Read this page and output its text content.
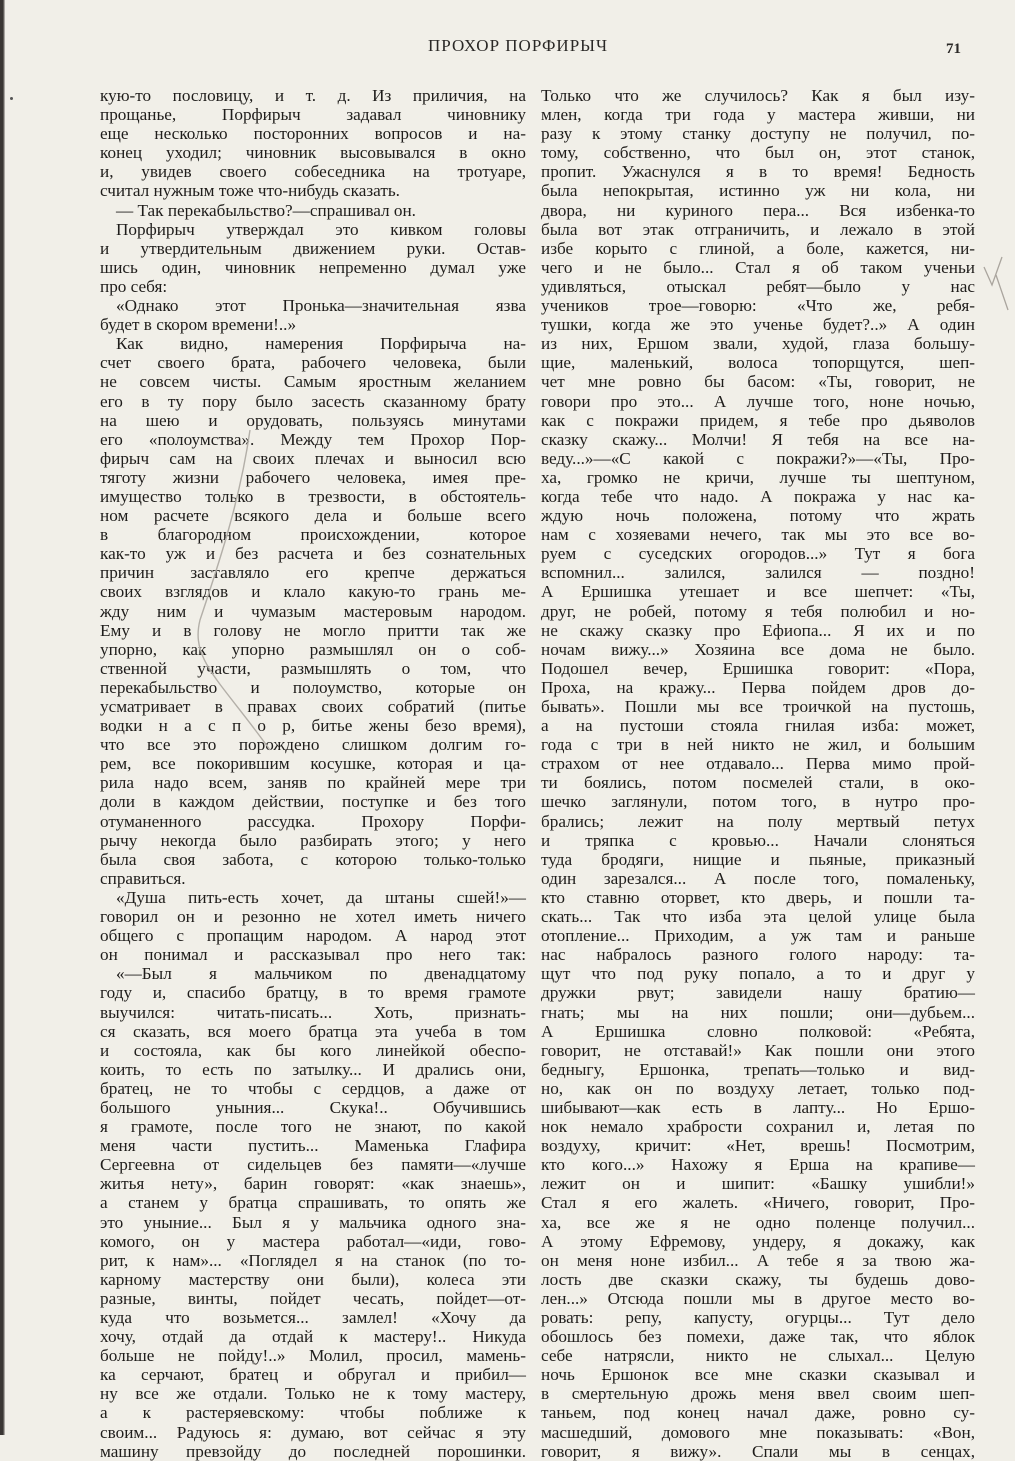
ПРОХОР ПОРФИРЫЧ	71
кую-то пословицу, и т. д. Из приличия, на
прощанье, Порфирыч задавал чиновнику
еще несколько посторонних вопросов и на-
конец уходил; чиновник высовывался в окно
и, увидев своего собеседника на тротуаре,
считал нужным тоже что-нибудь сказать.
— Так перекабыльство?—спрашивал он.
Порфирыч утверждал это кивком головы
и утвердительным движением руки. Остав-
шись один, чиновник непременно думал уже
про себя:
«Однако этот Пронька—значительная язва
будет в скором времени!..»
Как видно, намерения Порфирыча на-
счет своего брата, рабочего человека, были
не совсем чисты. Самым яростным желанием
его в ту пору было засесть сказанному брату
на шею и орудовать, пользуясь минутами
его «полоумства». Между тем Прохор Пор-
фирыч сам на своих плечах и выносил всю
тяготу жизни рабочего человека, имея пре-
имущество только в трезвости, в обстоятель-
ном расчете всякого дела и больше всего
в благородном происхождении, которое
как-то уж и без расчета и без сознательных
причин заставляло его крепче держаться
своих взглядов и клало какую-то грань ме-
жду ним и чумазым мастеровым народом.
Ему и в голову не могло притти так же
упорно, как упорно размышлял он о соб-
ственной участи, размышлять о том, что
перекабыльство и полоумство, которые он
усматривает в правах своих собратий (питье
водки н а с п о р, битье жены безо время),
что все это порождено слишком долгим го-
рем, все покорившим косушке, которая и ца-
рила надо всем, заняв по крайней мере три
доли в каждом действии, поступке и без того
отуманенного рассудка. Прохору Порфи-
рычу некогда было разбирать этого; у него
была своя забота, с которою только-только
справиться.
«Душа пить-есть хочет, да штаны сшей!»—
говорил он и резонно не хотел иметь ничего
общего с пропащим народом. А народ этот
он понимал и рассказывал про него так:
«—Был я мальчиком по двенадцатому
году и, спасибо братцу, в то время грамоте
выучился: читать-писать... Хоть, признать-
ся сказать, вся моего братца эта учеба в том
и состояла, как бы кого линейкой обеспо-
коить, то есть по затылку... И дрались они,
братец, не то чтобы с сердцов, а даже от
большого уныния... Скука!.. Обучившись
я грамоте, после того не знают, по какой
меня части пустить... Маменька Глафира
Сергеевна от сидельцев без памяти—«лучше
житья нету», барин говорят: «как знаешь»,
а станем у братца спрашивать, то опять же
это уныние... Был я у мальчика одного зна-
комого, он у мастера работал—«иди, гово-
рит, к нам»... «Поглядел я на станок (по то-
карному мастерству они были), колеса эти
разные, винты, пойдет чесать, пойдет—от-
куда что возьмется... замлел! «Хочу да
хочу, отдай да отдай к мастеру!.. Никуда
больше не пойду!..» Молил, просил, мамень-
ка серчают, братец и обругал и прибил—
ну все же отдали. Только не к тому мастеру,
а к растеряевскому: чтобы поближе к
своим... Радуюсь я: думаю, вот сейчас я эту
машину превзойду до последней порошинки.
Только что же случилось? Как я был изу-
млен, когда три года у мастера живши, ни
разу к этому станку доступу не получил, по-
тому, собственно, что был он, этот станок,
пропит. Ужаснулся я в то время! Бедность
была непокрытая, истинно уж ни кола, ни
двора, ни куриного пера... Вся избенка-то
была вот этак отграничить, и лежало в этой
избе корыто с глиной, а боле, кажется, ни-
чего и не было... Стал я об таком ученьи
удивляться, отыскал ребят—было у нас
учеников трое—говорю: «Что же, ребя-
тушки, когда же это ученье будет?..» А один
из них, Ершом звали, худой, глаза большу-
щие, маленький, волоса топорщутся, шеп-
чет мне ровно бы басом: «Ты, говорит, не
говори про это... А лучше того, ноне ночью,
как с покражи придем, я тебе про дьяволов
сказку скажу... Молчи! Я тебя на все на-
веду...»—«С какой с покражи?»—«Ты, Про-
ха, громко не кричи, лучше ты шептуном,
когда тебе что надо. А покража у нас ка-
ждую ночь положена, потому что жрать
нам с хозяевами нечего, так мы это все во-
руем с суседских огородов...» Тут я бога
вспомнил... залился, залился — поздно!
А Ершишка утешает и все шепчет: «Ты,
друг, не робей, потому я тебя полюбил и но-
не скажу сказку про Ефиопа... Я их и по
ночам вижу...» Хозяина все дома не было.
Подошел вечер, Ершишка говорит: «Пора,
Проха, на кражу... Перва пойдем дров до-
бывать». Пошли мы все троичкой на пустошь,
а на пустоши стояла гнилая изба: может,
года с три в ней никто не жил, и большим
страхом от нее отдавало... Перва мимо прой-
ти боялись, потом посмелей стали, в око-
шечко заглянули, потом того, в нутро про-
брались; лежит на полу мертвый петух
и тряпка с кровью... Начали слоняться
туда бродяги, нищие и пьяные, приказный
один зарезался... А после того, помаленьку,
кто ставню оторвет, кто дверь, и пошли та-
скать... Так что изба эта целой улице была
отопление... Приходим, а уж там и раньше
нас набралось разного голого народу: та-
щут что под руку попало, а то и друг у
дружки рвут; завидели нашу братию—
гнать; мы на них пошли; они—дубьем...
А Ершишка словно полковой: «Ребята,
говорит, не отставай!» Как пошли они этого
бедныгу, Ершонка, трепать—только и вид-
но, как он по воздуху летает, только под-
шибывают—как есть в лапту... Но Ершо-
нок немало храбрости сохранил и, летая по
воздуху, кричит: «Нет, врешь! Посмотрим,
кто кого...» Нахожу я Ерша на крапиве—
лежит он и шипит: «Башку ушибли!»
Стал я его жалеть. «Ничего, говорит, Про-
ха, все же я не одно поленце получил...
А этому Ефремову, ундеру, я докажу, как
он меня ноне избил... А тебе я за твою жа-
лость две сказки скажу, ты будешь дово-
лен...» Отсюда пошли мы в другое место во-
ровать: репу, капусту, огурцы... Тут дело
обошлось без помехи, даже так, что яблок
себе натрясли, никто не слыхал... Целую
ночь Ершонок все мне сказки сказывал и
в смертельную дрожь меня ввел своим шеп-
таньем, под конец начал даже, ровно су-
масшедший, домового мне показывать: «Вон,
говорит, я вижу». Спали мы в сенцах,
